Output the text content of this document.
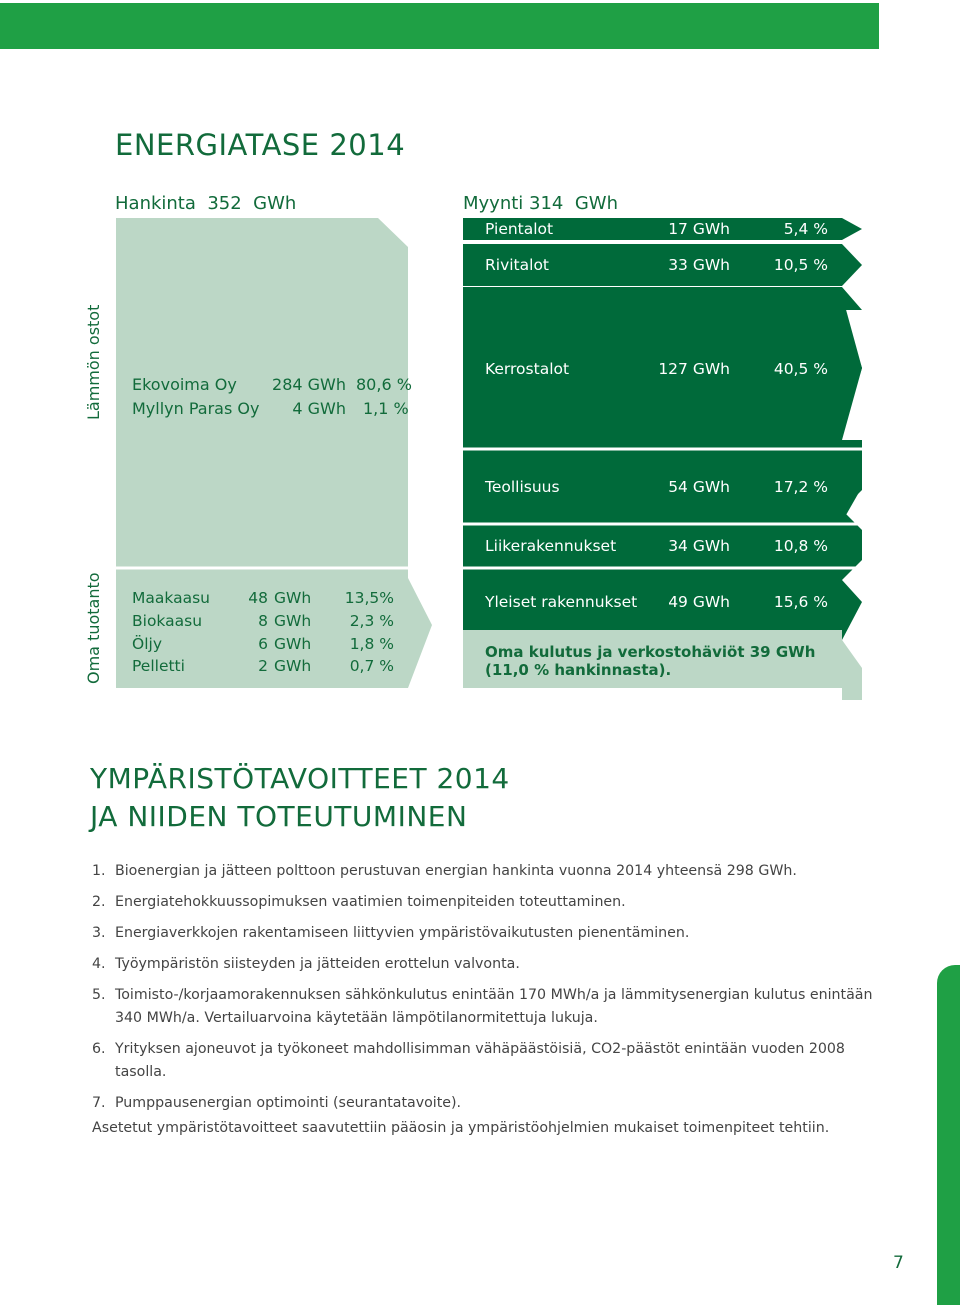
ENERGIATASE 2014
Hankinta  352  GWh	Myynti 314  GWh
Lämmön ostot
Oma tuotanto
Ekovoima Oy	284 GWh 80,6 %
Myllyn Paras Oy	4 GWh 1,1 %
Maakaasu	48 GWh	13,5%
Biokaasu	8 GWh	2,3 %
Öljy	6 GWh	1,8 %
Pelletti	2 GWh	0,7 %
Pientalot	17 GWh	5,4 %
Rivitalot	33 GWh	10,5 %
Kerrostalot	127 GWh	40,5 %
Teollisuus	54 GWh	17,2 %
Liikerakennukset	34 GWh	10,8 %
Yleiset rakennukset	49 GWh	15,6 %
Oma kulutus ja verkostohäviöt 39 GWh
(11,0 % hankinnasta).
YMPÄRISTÖTAVOITTEET 2014
JA NIIDEN TOTEUTUMINEN
1. Bioenergian ja jätteen polttoon perustuvan energian hankinta vuonna 2014 yhteensä 298 GWh.
2. Energiatehokkuussopimuksen vaatimien toimenpiteiden toteuttaminen.
3. Energiaverkkojen rakentamiseen liittyvien ympäristövaikutusten pienentäminen.
4. Työympäristön siisteyden ja jätteiden erottelun valvonta.
5. Toimisto-/korjaamorakennuksen sähkönkulutus enintään 170 MWh/a ja lämmitysenergian kulutus enintään 340 MWh/a. Vertailuarvoina käytetään lämpötilanormitettuja lukuja.
6. Yrityksen ajoneuvot ja työkoneet mahdollisimman vähäpäästöisiä, CO2-päästöt enintään vuoden 2008 tasolla.
7. Pumppausenergian optimointi (seurantatavoite).
Asetetut ympäristötavoitteet saavutettiin pääosin ja ympäristöohjelmien mukaiset toimenpiteet tehtiin.
7
